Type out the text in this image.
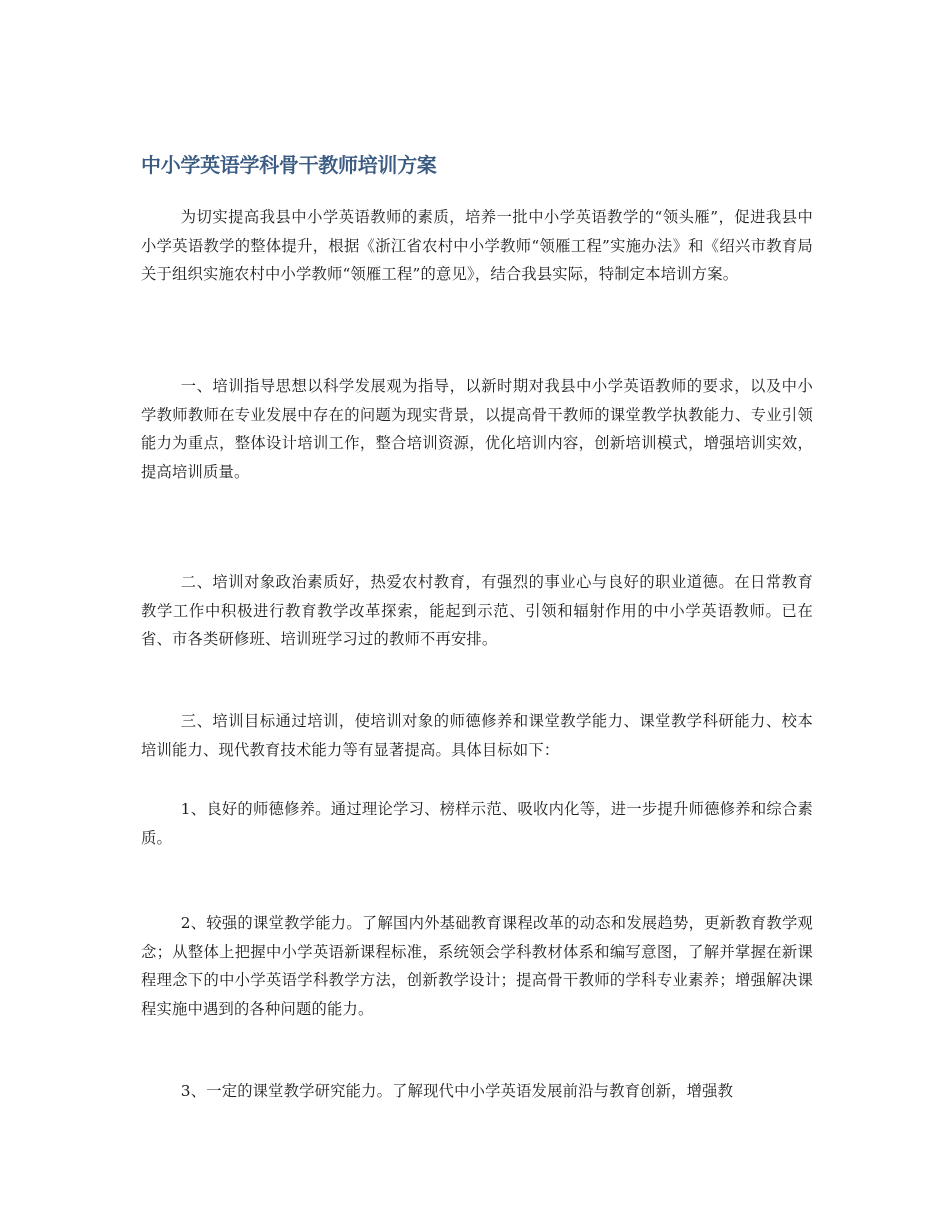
中小学英语学科骨干教师培训方案

为切实提高我县中小学英语教师的素质，培养一批中小学英语教学的“领头雁”，促进我县中小学英语教学的整体提升，根据《浙江省农村中小学教师“领雁工程”实施办法》和《绍兴市教育局关于组织实施农村中小学教师“领雁工程”的意见》，结合我县实际，特制定本培训方案。

一、培训指导思想以科学发展观为指导，以新时期对我县中小学英语教师的要求，以及中小学教师教师在专业发展中存在的问题为现实背景，以提高骨干教师的课堂教学执教能力、专业引领能力为重点，整体设计培训工作，整合培训资源，优化培训内容，创新培训模式，增强培训实效，提高培训质量。

二、培训对象政治素质好，热爱农村教育，有强烈的事业心与良好的职业道德。在日常教育教学工作中积极进行教育教学改革探索，能起到示范、引领和辐射作用的中小学英语教师。已在省、市各类研修班、培训班学习过的教师不再安排。

三、培训目标通过培训，使培训对象的师德修养和课堂教学能力、课堂教学科研能力、校本培训能力、现代教育技术能力等有显著提高。具体目标如下：

1、良好的师德修养。通过理论学习、榜样示范、吸收内化等，进一步提升师德修养和综合素质。

2、较强的课堂教学能力。了解国内外基础教育课程改革的动态和发展趋势，更新教育教学观念；从整体上把握中小学英语新课程标准，系统领会学科教材体系和编写意图，了解并掌握在新课程理念下的中小学英语学科教学方法，创新教学设计；提高骨干教师的学科专业素养；增强解决课程实施中遇到的各种问题的能力。

3、一定的课堂教学研究能力。了解现代中小学英语发展前沿与教育创新，增强教
